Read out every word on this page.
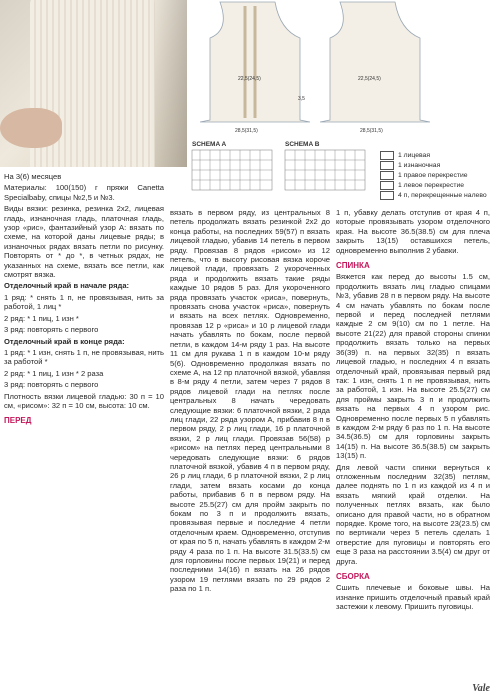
22,5(24,5)	22,5(24,5)
3,5
28,5(31,5)	28,5(31,5)
SCHEMA A	SCHEMA B
1 лицевая
1 изнаночная
1 правое перекрестие
1 левое перекрестие
4 п, перекрещенные налево

На 3(6) месяцев

Материалы: 100(150) г пряжи Canetta Specialbaby, спицы №2,5 и №3.

Виды вязки: резинка, резинка 2х2, лицевая гладь, изнаночная гладь, платочная гладь, узор «рис», фантазийный узор А: вязать по схеме, на которой даны лицевые ряды; в изнаночных рядах вязать петли по рисунку. Повторять от * до *, в четных рядах, не указанных на схеме, вязать все петли, как смотрят вязка.

Отделочный край в начале ряда:

1 ряд: * снять 1 п, не провязывая, нить за работой, 1 лиц *

2 ряд: * 1 пиц, 1 изн *

3 ряд: повторять с первого

Отделочный край в конце ряда:

1 ряд: * 1 изн, снять 1 п, не провязывая, нить за работой *

2 ряд: * 1 пиц, 1 изн * 2 раза

3 ряд: повторять с первого

Плотность вязки лицевой гладью: 30 п = 10 см, «рисом»: 32 п = 10 см, высота: 10 см.

ПЕРЕД

вязать в первом ряду, из центральных 8 петель продолжать вязать резинкой 2х2 до конца работы, на последних 59(57) п вязать лицевой гладью, убавив 14 петель в первом ряду. Провязав 8 рядов «рисом» из 12 петель, что в высоту рисовая вязка короче лицевой глади, провязать 2 укороченных ряда и продолжить вязать такие ряды каждые 10 рядов 5 раз. Для укороченного ряда провязать участок «риса», повернуть, провязать снова участок «риса», повернуть и вязать на всех петлях. Одновременно, провязав 12 р «риса» и 10 р лицевой глади начать убавлять по бокам, после первой петли, в каждом 14-м ряду 1 раз. На высоте 11 см для рукава 1 п в каждом 10-м ряду 5(6). Одновременно продолжая вязать по схеме А, на 12 пр платочной вязкой, убавляя в 8-м ряду 4 петли, затем через 7 рядов 8 рядов лицевой глади на петлях после центральных 8 начать чередовать следующие вязки: 6 платочной вязки, 2 ряда лиц глади, 22 ряда узором А, прибавив 8 п в первом ряду, 2 р лиц глади, 16 р платочной вязки, 2 р лиц глади. Провязав 56(58) р «рисом» на петлях перед центральными 8 чередовать следующие вязки: 6 рядов платочной вязкой, убавив 4 п в первом ряду, 26 р лиц глади, 6 р платочной вязки, 2 р лиц глади, затем вязать косами до конца работы, прибавив 6 п в первом ряду. На высоте 25.5(27) см для пройм закрыть по бокам по 3 п и продолжить вязать, провязывая первые и последние 4 петли отделочным краем. Одновременно, отступив от края по 5 п, начать убавлять в каждом 2-м ряду 4 раза по 1 п. На высоте 31.5(33.5) см для горловины после первых 19(21) и перед последними 14(16) п вязать на 26 рядов узором 19 петлями вязать по 29 рядов 2 раза по 1 п.

1 п, убавку делать отступив от края 4 п, которые провязывать узором отделочного края. На высоте 36.5(38.5) см для плеча закрыть 13(15) оставшихся петель, одновременно выполнив 2 убавки.

СПИНКА

Вяжется как перед до высоты 1.5 см, продолжить вязать лиц гладью спицами №3, убавив 28 п в первом ряду. На высоте 4 см начать убавлять по бокам после первой и перед последней петлями каждые 2 см 9(10) см по 1 петле. На высоте 21(22) для правой стороны спинки продолжить вязать только на первых 36(39) п. на первых 32(35) п вязать лицевой гладью, н последних 4 п вязать отделочный край, провязывая первый ряд так: 1 изн, снять 1 п не провязывая, нить за работой, 1 изн. На высоте 25.5(27) см для проймы закрыть 3 п и продолжить вязать на первых 4 п узором рис. Одновременно после первых 5 п убавлять в каждом 2-м ряду 6 раз по 1 п. На высоте 34.5(36.5) см для горловины закрыть 14(15) п. На высоте 36.5(38.5) см закрыть 13(15) п.

Для левой части спинки вернуться к отложенным последним 32(35) петлям, далее поднять по 1 п из каждой из 4 п и вязать мягкий край отделки. На полученных петлях вязать, как было описано для правой части, но в обратном порядке. Кроме того, на высоте 23(23.5) см по вертикали через 5 петель сделать 1 отверстие для пуговицы и повторять его еще 3 раза на расстоянии 3.5(4) см друг от друга.

СБОРКА

Сшить плечевые и боковые швы. На изнанке пришить отделочный правый край застежки к левому. Пришить пуговицы.

Vale
